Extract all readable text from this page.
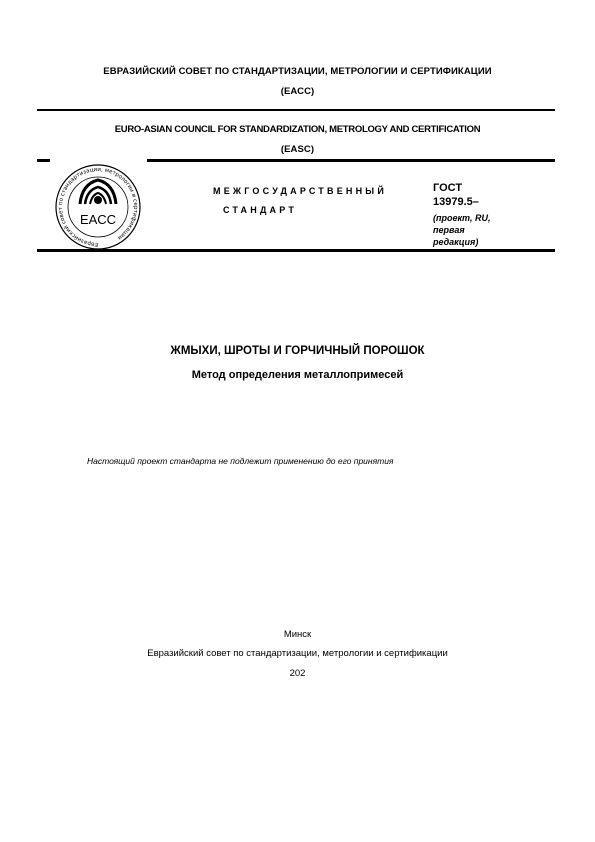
ЕВРАЗИЙСКИЙ СОВЕТ ПО СТАНДАРТИЗАЦИИ, МЕТРОЛОГИИ И СЕРТИФИКАЦИИ
(ЕАСС)
EURO-ASIAN COUNCIL FOR STANDARDIZATION, METROLOGY AND CERTIFICATION
(EASC)
Евразийский совет по стандартизации, метрологии и сертификации
EACC
МЕЖГОСУДАРСТВЕННЫЙ
СТАНДАРТ
ГОСТ
13979.5–
(проект, RU,
первая
редакция)
ЖМЫХИ, ШРОТЫ И ГОРЧИЧНЫЙ ПОРОШОК
Метод определения металлопримесей
Настоящий проект стандарта не подлежит применению до его принятия
Минск
Евразийский совет по стандартизации, метрологии и сертификации
202
